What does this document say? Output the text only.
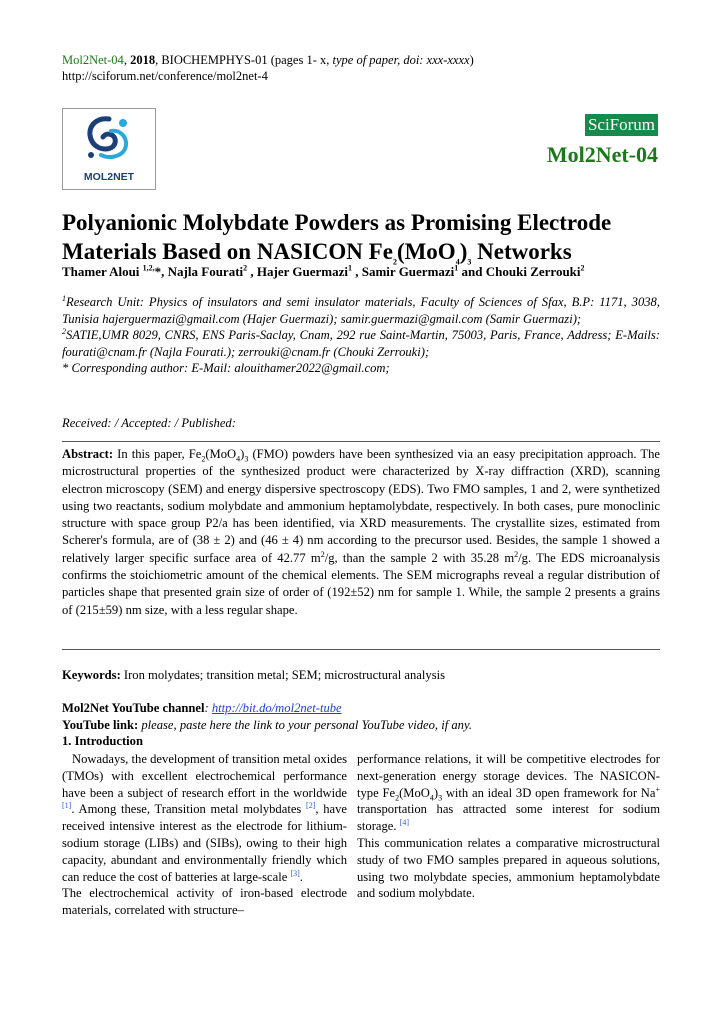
Mol2Net-04, 2018, BIOCHEMPHYS-01 (pages 1- x, type of paper, doi: xxx-xxxx)
http://sciforum.net/conference/mol2net-4
MOL2NET
SciForum
Mol2Net-04
Polyanionic Molybdate Powders as Promising Electrode
Materials Based on NASICON $Fe_2(MoO_4)_3$ Networks
Thamer Aloui $^{1,2,}$*, Najla Fourati$^2$ , Hajer Guermazi$^1$ , Samir Guermazi$^1$ and Chouki Zerrouki$^2$

$^1$Research Unit: Physics of insulators and semi insulator materials, Faculty of Sciences of Sfax, B.P: 1171, 3038, Tunisia hajerguermazi@gmail.com (Hajer Guermazi); samir.guermazi@gmail.com (Samir Guermazi);

$^2$SATIE,UMR 8029, CNRS, ENS Paris-Saclay, Cnam, 292 rue Saint-Martin, 75003, Paris, France, Address; E-Mails: fourati@cnam.fr (Najla Fourati.); zerrouki@cnam.fr (Chouki Zerrouki);

* Corresponding author: E-Mail: alouithamer2022@gmail.com;

Received: / Accepted: / Published:

Abstract: In this paper, $Fe_2(MoO_4)_3$ (FMO) powders have been synthesized via an easy precipitation approach. The microstructural properties of the synthesized product were characterized by X-ray diffraction (XRD), scanning electron microscopy (SEM) and energy dispersive spectroscopy (EDS). Two FMO samples, 1 and 2, were synthetized using two reactants, sodium molybdate and ammonium heptamolybdate, respectively. In both cases, pure monoclinic structure with space group P2/a has been identified, via XRD measurements. The crystallite sizes, estimated from Scherer's formula, are of (38 ± 2) and (46 ± 4) nm according to the precursor used. Besides, the sample 1 showed a relatively larger specific surface area of 42.77 $m^2/g$, than the sample 2 with 35.28 $m^2/g$. The EDS microanalysis confirms the stoichiometric amount of the chemical elements. The SEM micrographs reveal a regular distribution of particles shape that presented grain size of order of (192±52) nm for sample 1. While, the sample 2 presents a grains of (215±59) nm size, with a less regular shape.

Keywords: Iron molydates; transition metal; SEM; microstructural analysis
Mol2Net YouTube channel: http://bit.do/mol2net-tube
YouTube link: please, paste here the link to your personal YouTube video, if any.
1. Introduction

Nowadays, the development of transition metal oxides (TMOs) with excellent electrochemical performance have been a subject of research effort in the worldwide [1]. Among these, Transition metal molybdates [2], have received intensive interest as the electrode for lithium-sodium storage (LIBs) and (SIBs), owing to their high capacity, abundant and environmentally friendly which can reduce the cost of batteries at large-scale [3].

The electrochemical activity of iron-based electrode materials, correlated with structure–

performance relations, it will be competitive electrodes for next-generation energy storage devices. The NASICON-type $Fe_2(MoO_4)_3$ with an ideal 3D open framework for Na+ transportation has attracted some interest for sodium storage. [4]

This communication relates a comparative microstructural study of two FMO samples prepared in aqueous solutions, using two molybdate species, ammonium heptamolybdate and sodium molybdate.
